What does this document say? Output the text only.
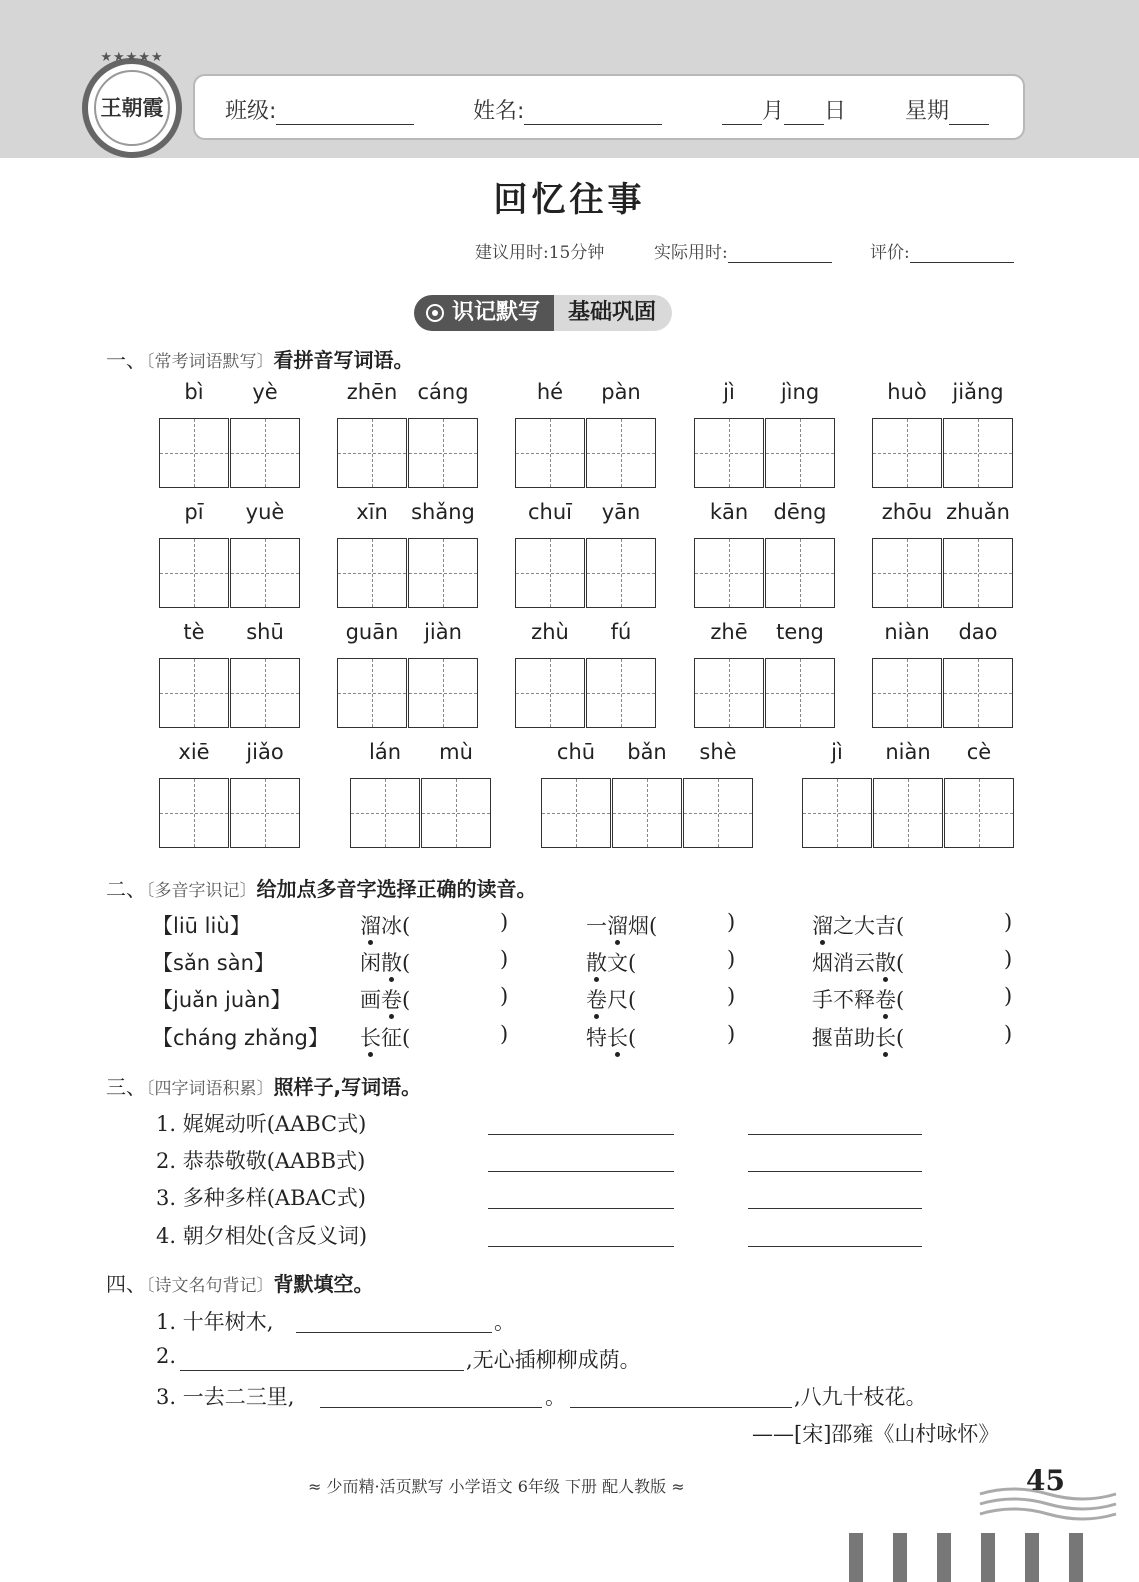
★★★★★
王朝霞	班级:	姓名:	月 日	星期
回忆往事
建议用时:15分钟	实际用时:	评价:
识记默写	基础巩固
一、〔常考词语默写〕看拼音写词语。
bì	yè	zhēn cáng	hé	pàn	jì	jìng	huò	jiǎng
pī	yuè	xīn	shǎng	chuī	yān	kān	dēng	zhōu zhuǎn
tè	shū	guān	jiàn	zhù	fú	zhē	teng	niàn	dao
xiē	jiǎo	lán	mù	chū	bǎn	shè	jì	niàn	cè
二、〔多音字识记〕给加点多音字选择正确的读音。
【liū liù】	溜冰(	)	一溜烟(	)	溜之大吉(	)
【sǎn sàn】	闲散(	)	散文(	)	烟消云散(	)
【juǎn juàn】	画卷(	)	卷尺(	)	手不释卷(	)
【cháng zhǎng】 长征(	)	特长(	)	揠苗助长(	)
三、〔四字词语积累〕照样子,写词语。
1. 娓娓动听(AABC式)
2. 恭恭敬敬(AABB式)
3. 多种多样(ABAC式)
4. 朝夕相处(含反义词)
四、〔诗文名句背记〕背默填空。
1. 十年树木,	。
2.	,无心插柳柳成荫。
3. 一去二三里,	。	,八九十枝花。
——[宋]邵雍《山村咏怀》
≈ 少而精·活页默写 小学语文 6年级 下册 配人教版 ≈	45
